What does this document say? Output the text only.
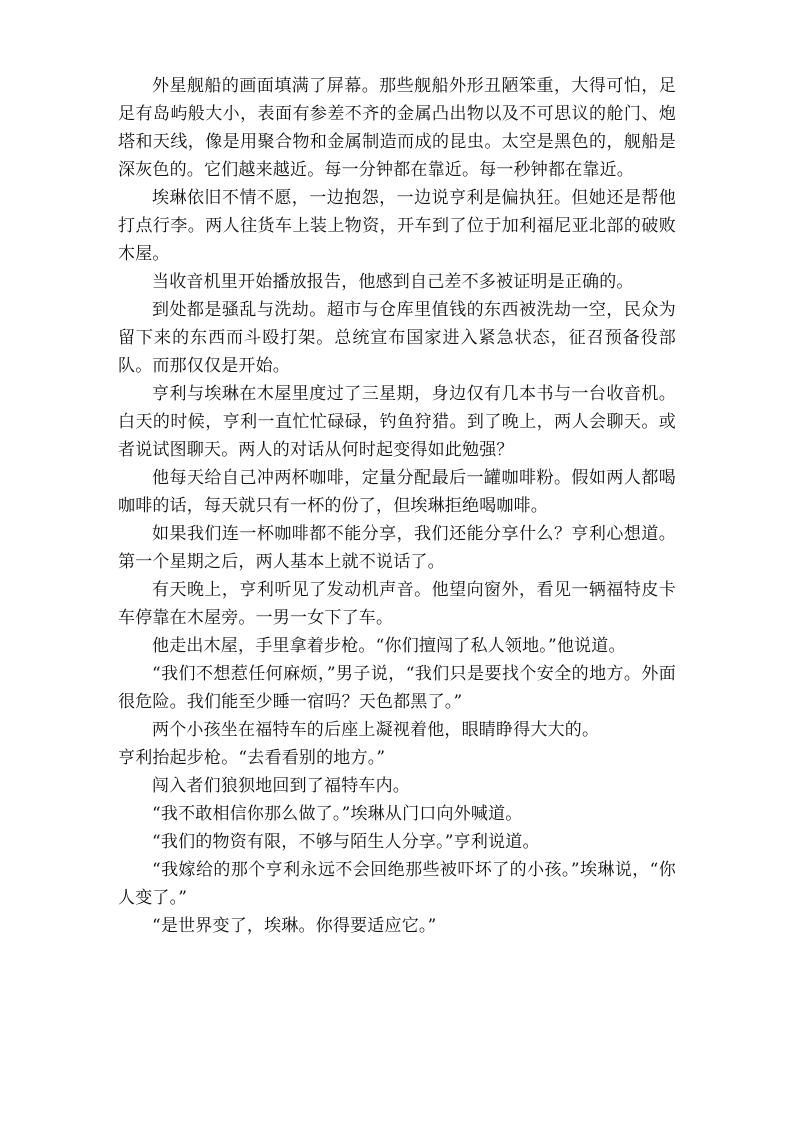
外星舰船的画面填满了屏幕。那些舰船外形丑陋笨重，大得可怕，足足有岛屿般大小，表面有参差不齐的金属凸出物以及不可思议的舱门、炮塔和天线，像是用聚合物和金属制造而成的昆虫。太空是黑色的，舰船是深灰色的。它们越来越近。每一分钟都在靠近。每一秒钟都在靠近。

埃琳依旧不情不愿，一边抱怨，一边说亨利是偏执狂。但她还是帮他打点行李。两人往货车上装上物资，开车到了位于加利福尼亚北部的破败木屋。

当收音机里开始播放报告，他感到自己差不多被证明是正确的。

到处都是骚乱与洗劫。超市与仓库里值钱的东西被洗劫一空，民众为留下来的东西而斗殴打架。总统宣布国家进入紧急状态，征召预备役部队。而那仅仅是开始。

亨利与埃琳在木屋里度过了三星期，身边仅有几本书与一台收音机。白天的时候，亨利一直忙忙碌碌，钓鱼狩猎。到了晚上，两人会聊天。或者说试图聊天。两人的对话从何时起变得如此勉强？

他每天给自己冲两杯咖啡，定量分配最后一罐咖啡粉。假如两人都喝咖啡的话，每天就只有一杯的份了，但埃琳拒绝喝咖啡。

如果我们连一杯咖啡都不能分享，我们还能分享什么？亨利心想道。第一个星期之后，两人基本上就不说话了。

有天晚上，亨利听见了发动机声音。他望向窗外，看见一辆福特皮卡车停靠在木屋旁。一男一女下了车。

他走出木屋，手里拿着步枪。“你们擅闯了私人领地。”他说道。

“我们不想惹任何麻烦，”男子说，“我们只是要找个安全的地方。外面很危险。我们能至少睡一宿吗？天色都黑了。”

两个小孩坐在福特车的后座上凝视着他，眼睛睁得大大的。

亨利抬起步枪。“去看看别的地方。”

闯入者们狼狈地回到了福特车内。

“我不敢相信你那么做了。”埃琳从门口向外喊道。

“我们的物资有限，不够与陌生人分享。”亨利说道。

“我嫁给的那个亨利永远不会回绝那些被吓坏了的小孩。”埃琳说，“你人变了。”

“是世界变了，埃琳。你得要适应它。”
